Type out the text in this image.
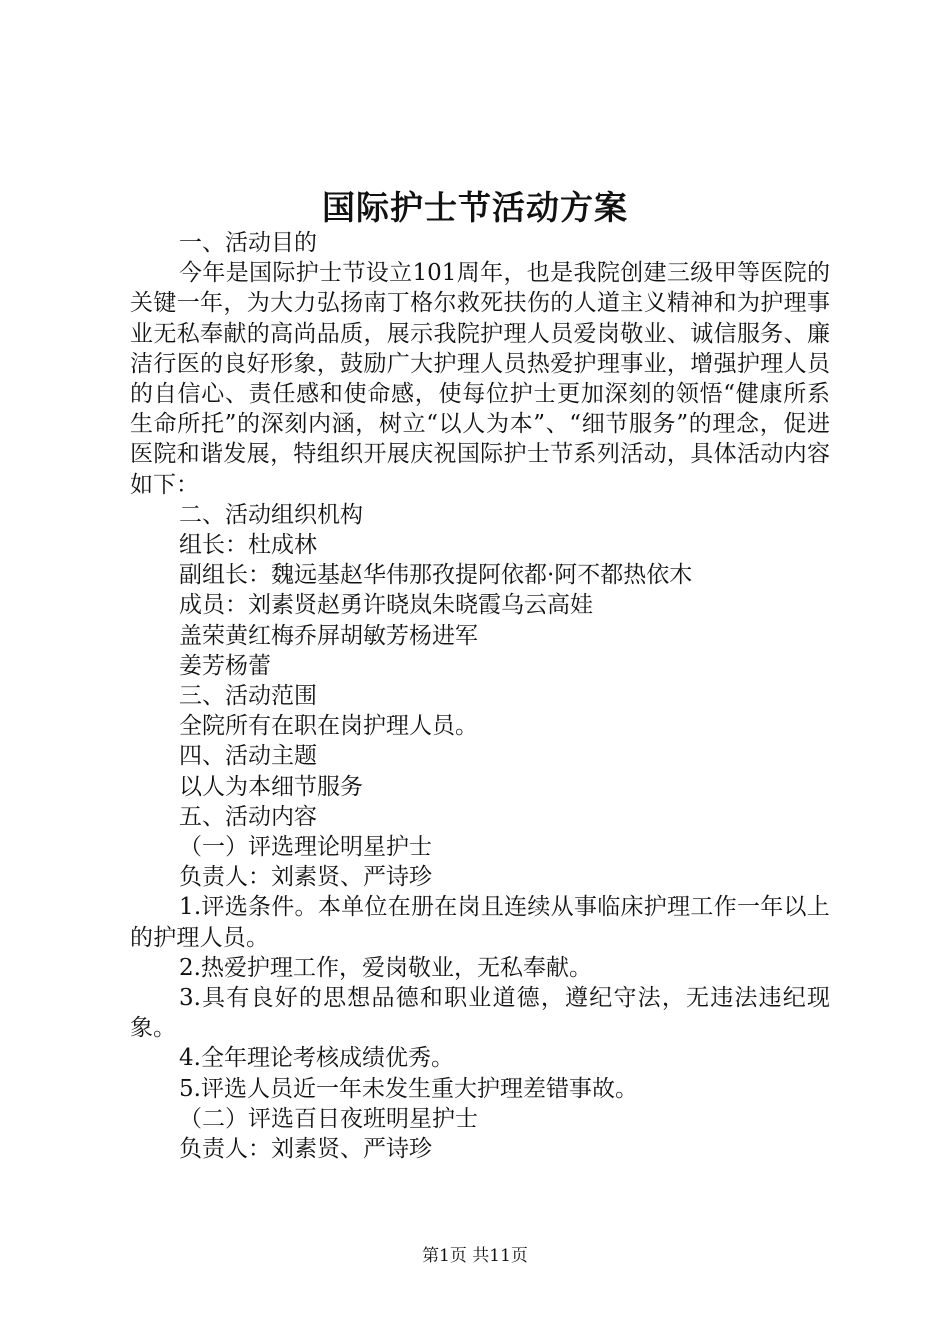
国际护士节活动方案

一、活动目的

今年是国际护士节设立101周年，也是我院创建三级甲等医院的关键一年，为大力弘扬南丁格尔救死扶伤的人道主义精神和为护理事业无私奉献的高尚品质，展示我院护理人员爱岗敬业、诚信服务、廉洁行医的良好形象，鼓励广大护理人员热爱护理事业，增强护理人员的自信心、责任感和使命感，使每位护士更加深刻的领悟“健康所系生命所托”的深刻内涵，树立“以人为本”、“细节服务”的理念，促进医院和谐发展，特组织开展庆祝国际护士节系列活动，具体活动内容如下：

二、活动组织机构

组长：杜成林

副组长：魏远基赵华伟那孜提阿依都·阿不都热依木

成员：刘素贤赵勇许晓岚朱晓霞乌云高娃

盖荣黄红梅乔屏胡敏芳杨进军

姜芳杨蕾

三、活动范围

全院所有在职在岗护理人员。

四、活动主题

以人为本细节服务

五、活动内容

（一）评选理论明星护士

负责人：刘素贤、严诗珍

1.评选条件。本单位在册在岗且连续从事临床护理工作一年以上的护理人员。

2.热爱护理工作，爱岗敬业，无私奉献。

3.具有良好的思想品德和职业道德，遵纪守法，无违法违纪现象。

4.全年理论考核成绩优秀。

5.评选人员近一年未发生重大护理差错事故。

（二）评选百日夜班明星护士

负责人：刘素贤、严诗珍

第1页 共11页
